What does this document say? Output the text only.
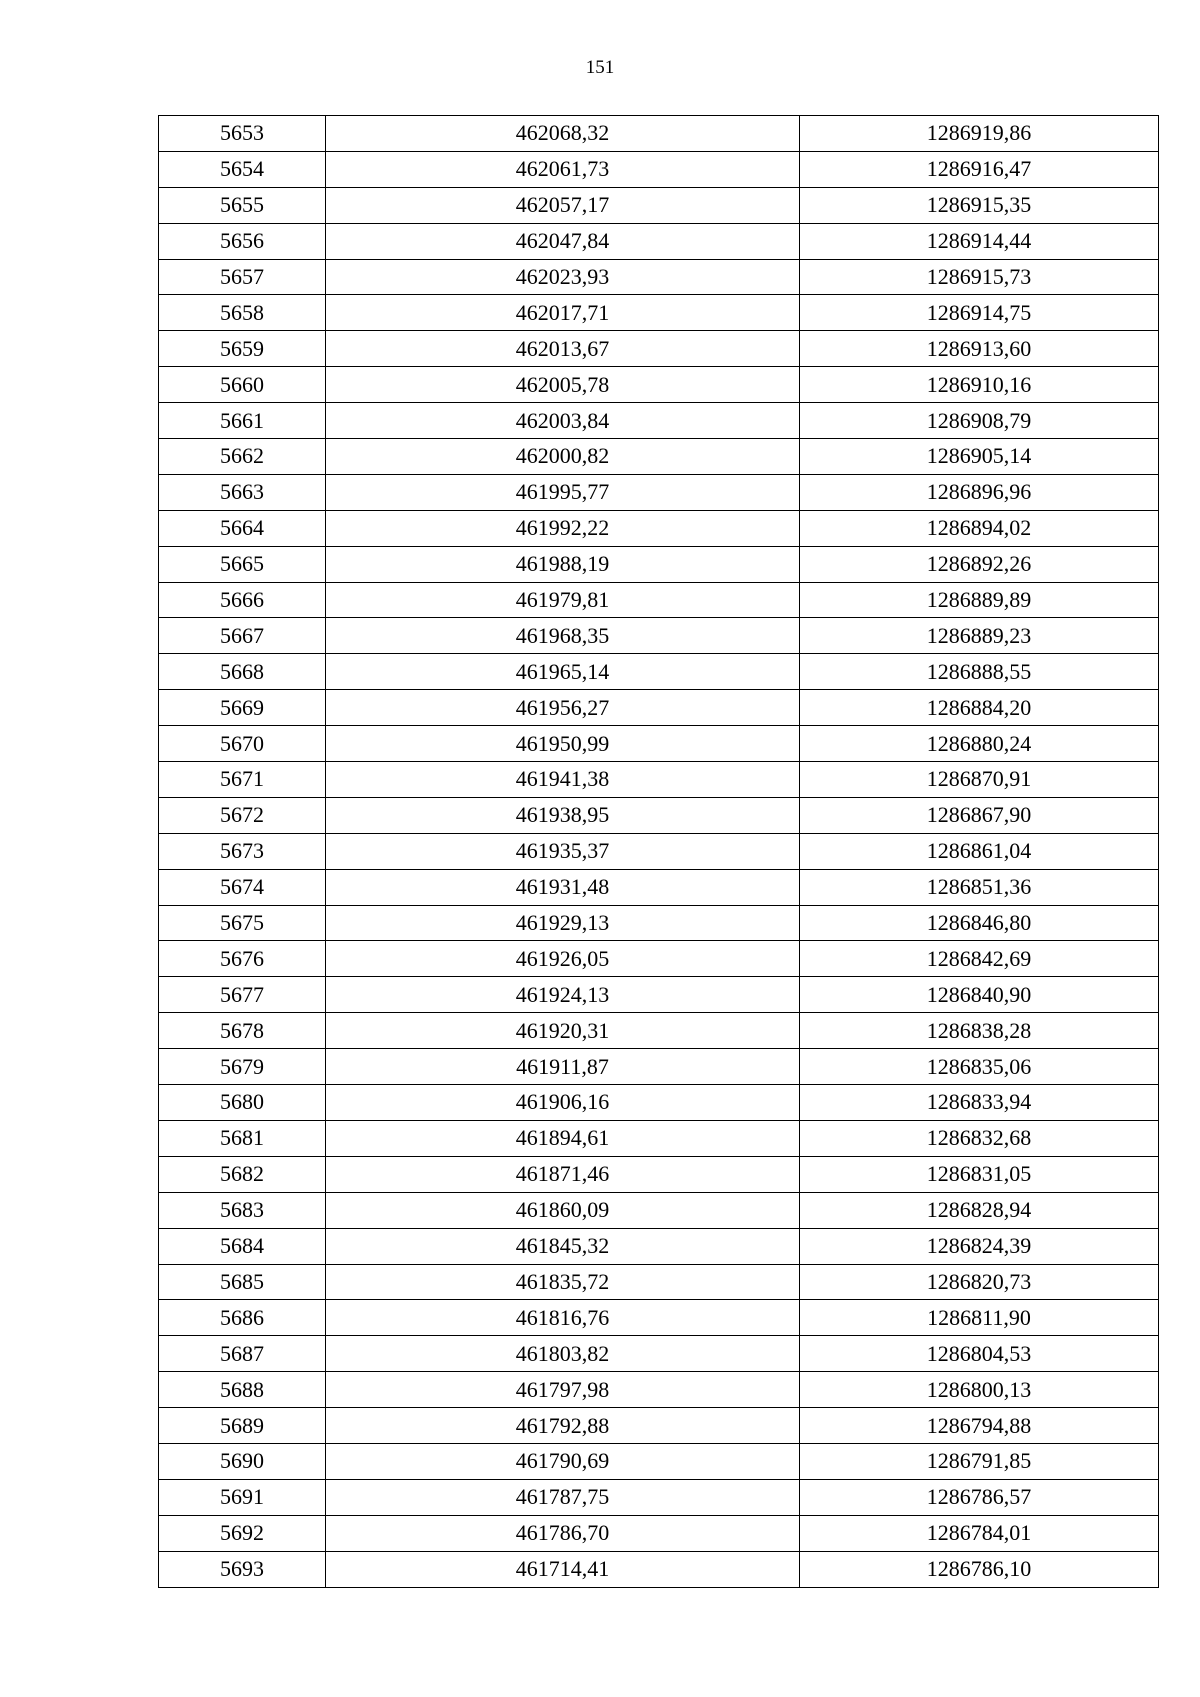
151
5653	462068,32	1286919,86
5654	462061,73	1286916,47
5655	462057,17	1286915,35
5656	462047,84	1286914,44
5657	462023,93	1286915,73
5658	462017,71	1286914,75
5659	462013,67	1286913,60
5660	462005,78	1286910,16
5661	462003,84	1286908,79
5662	462000,82	1286905,14
5663	461995,77	1286896,96
5664	461992,22	1286894,02
5665	461988,19	1286892,26
5666	461979,81	1286889,89
5667	461968,35	1286889,23
5668	461965,14	1286888,55
5669	461956,27	1286884,20
5670	461950,99	1286880,24
5671	461941,38	1286870,91
5672	461938,95	1286867,90
5673	461935,37	1286861,04
5674	461931,48	1286851,36
5675	461929,13	1286846,80
5676	461926,05	1286842,69
5677	461924,13	1286840,90
5678	461920,31	1286838,28
5679	461911,87	1286835,06
5680	461906,16	1286833,94
5681	461894,61	1286832,68
5682	461871,46	1286831,05
5683	461860,09	1286828,94
5684	461845,32	1286824,39
5685	461835,72	1286820,73
5686	461816,76	1286811,90
5687	461803,82	1286804,53
5688	461797,98	1286800,13
5689	461792,88	1286794,88
5690	461790,69	1286791,85
5691	461787,75	1286786,57
5692	461786,70	1286784,01
5693	461714,41	1286786,10
